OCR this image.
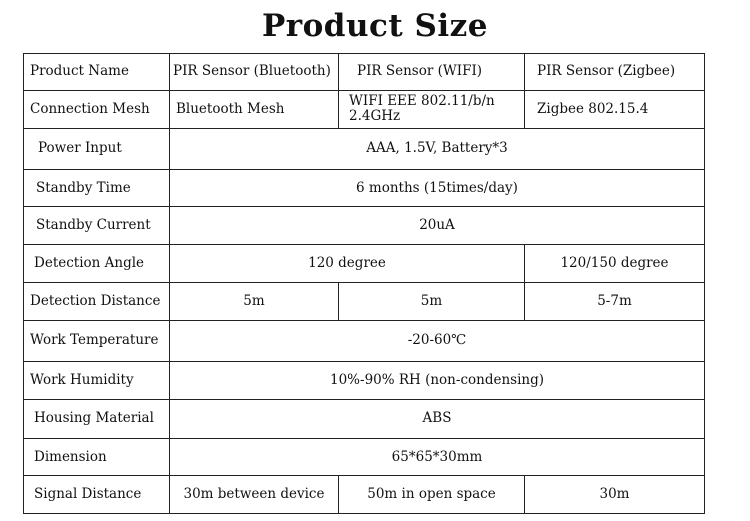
Product Size
Product Name	PIR Sensor (Bluetooth)	PIR Sensor (WIFI)	PIR Sensor (Zigbee)
Connection Mesh	Bluetooth Mesh	WIFI EEE 802.11/b/n 2.4GHz	Zigbee 802.15.4
Power Input	AAA, 1.5V, Battery*3		
Standby Time	6 months (15times/day)		
Standby Current	20uA		
Detection Angle	120 degree		120/150 degree
Detection Distance	5m	5m	5-7m
Work Temperature	-20-60℃		
Work Humidity	10%-90% RH (non-condensing)		
Housing Material	ABS		
Dimension	65*65*30mm		
Signal Distance	30m between device	50m in open space	30m
